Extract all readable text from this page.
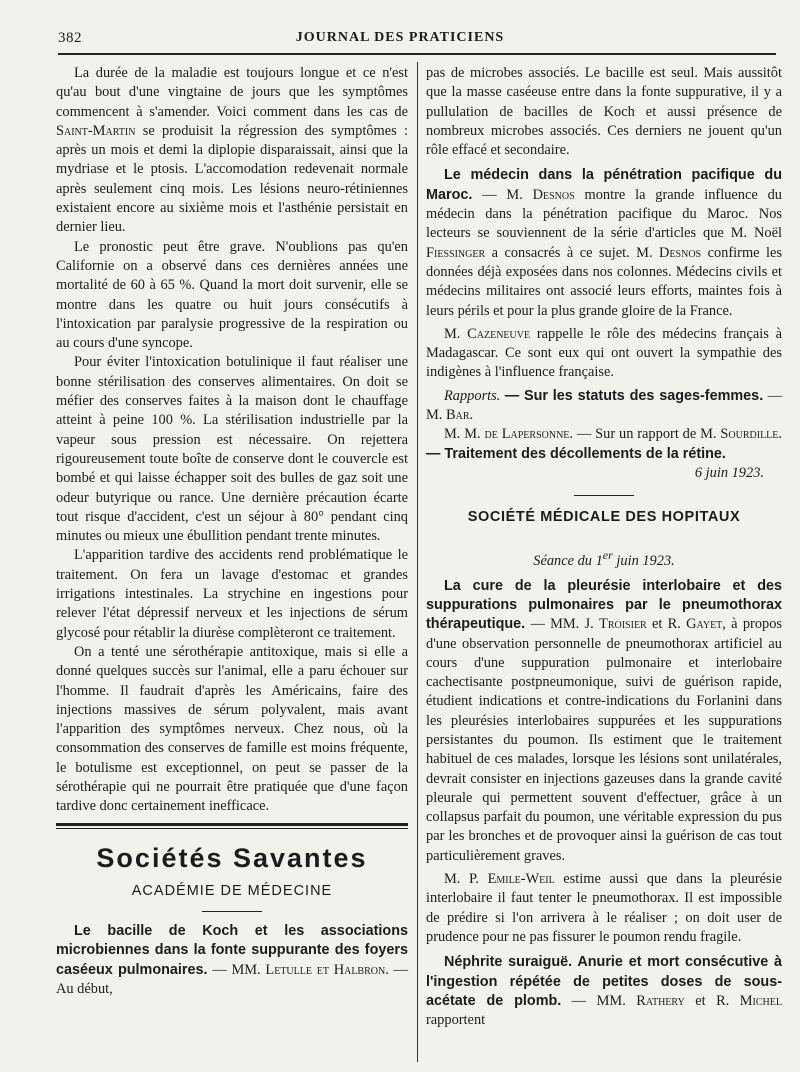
382	JOURNAL DES PRATICIENS

La durée de la maladie est toujours longue et ce n'est qu'au bout d'une vingtaine de jours que les symptômes commencent à s'amender. Voici comment dans les cas de Saint-Martin se produisit la régression des symptômes : après un mois et demi la diplopie disparaissait, ainsi que la mydriase et le ptosis. L'accomodation redevenait normale après seulement cinq mois. Les lésions neuro-rétiniennes existaient encore au sixième mois et l'asthénie persistait en dernier lieu.

Le pronostic peut être grave. N'oublions pas qu'en Californie on a observé dans ces dernières années une mortalité de 60 à 65 %. Quand la mort doit survenir, elle se montre dans les quatre ou huit jours consécutifs à l'intoxication par paralysie progressive de la respiration ou au cours d'une syncope.

Pour éviter l'intoxication botulinique il faut réaliser une bonne stérilisation des conserves alimentaires. On doit se méfier des conserves faites à la maison dont le chauffage atteint à peine 100 %. La stérilisation industrielle par la vapeur sous pression est nécessaire. On rejettera rigoureusement toute boîte de conserve dont le couvercle est bombé et qui laisse échapper soit des bulles de gaz soit une odeur butyrique ou rance. Une dernière précaution écarte tout risque d'accident, c'est un séjour à 80° pendant cinq minutes ou mieux une ébullition pendant trente minutes.

L'apparition tardive des accidents rend problématique le traitement. On fera un lavage d'estomac et grandes irrigations intestinales. La strychine en ingestions pour relever l'état dépressif nerveux et les injections de sérum glycosé pour rétablir la diurèse complèteront ce traitement.

On a tenté une sérothérapie antitoxique, mais si elle a donné quelques succès sur l'animal, elle a paru échouer sur l'homme. Il faudrait d'après les Américains, faire des injections massives de sérum polyvalent, mais avant l'apparition des symptômes nerveux. Chez nous, où la consommation des conserves de famille est moins fréquente, le botulisme est exceptionnel, on peut se passer de la sérothérapie qui ne pourrait être pratiquée que d'une façon tardive donc certainement inefficace.

Sociétés Savantes
ACADÉMIE DE MÉDECINE

Le bacille de Koch et les associations microbiennes dans la fonte suppurante des foyers caséeux pulmonaires. — MM. Letulle et Halbron. — Au début,

pas de microbes associés. Le bacille est seul. Mais aussitôt que la masse caséeuse entre dans la fonte suppurative, il y a pullulation de bacilles de Koch et aussi présence de nombreux microbes associés. Ces derniers ne jouent qu'un rôle effacé et secondaire.

Le médecin dans la pénétration pacifique du Maroc. — M. Desnos montre la grande influence du médecin dans la pénétration pacifique du Maroc. Nos lecteurs se souviennent de la série d'articles que M. Noël Fiessinger a consacrés à ce sujet. M. Desnos confirme les données déjà exposées dans nos colonnes. Médecins civils et médecins militaires ont associé leurs efforts, maintes fois à leurs périls et pour la plus grande gloire de la France.

M. Cazeneuve rappelle le rôle des médecins français à Madagascar. Ce sont eux qui ont ouvert la sympathie des indigènes à l'influence française.

Rapports. — Sur les statuts des sages-femmes. — M. Bar.

M. M. de Lapersonne. — Sur un rapport de M. Sourdille. — Traitement des décollements de la rétine.

6 juin 1923.
SOCIÉTÉ MÉDICALE DES HOPITAUX
Séance du 1er juin 1923.

La cure de la pleurésie interlobaire et des suppurations pulmonaires par le pneumothorax thérapeutique. — MM. J. Troisier et R. Gayet, à propos d'une observation personnelle de pneumothorax artificiel au cours d'une suppuration pulmonaire et interlobaire cachectisante postpneumonique, suivi de guérison rapide, étudient indications et contre-indications du Forlanini dans les pleurésies interlobaires suppurées et les suppurations persistantes du poumon. Ils estiment que le traitement habituel de ces malades, lorsque les lésions sont unilatérales, devrait consister en injections gazeuses dans la grande cavité pleurale qui permettent souvent d'effectuer, grâce à un collapsus parfait du poumon, une véritable expression du pus par les bronches et de provoquer ainsi la guérison de cas tout particulièrement graves.

M. P. Emile-Weil estime aussi que dans la pleurésie interlobaire il faut tenter le pneumothorax. Il est impossible de prédire si l'on arrivera à le réaliser ; on doit user de prudence pour ne pas fissurer le poumon rendu fragile.

Néphrite suraiguë. Anurie et mort consécutive à l'ingestion répétée de petites doses de sous-acétate de plomb. — MM. Rathery et R. Michel rapportent
